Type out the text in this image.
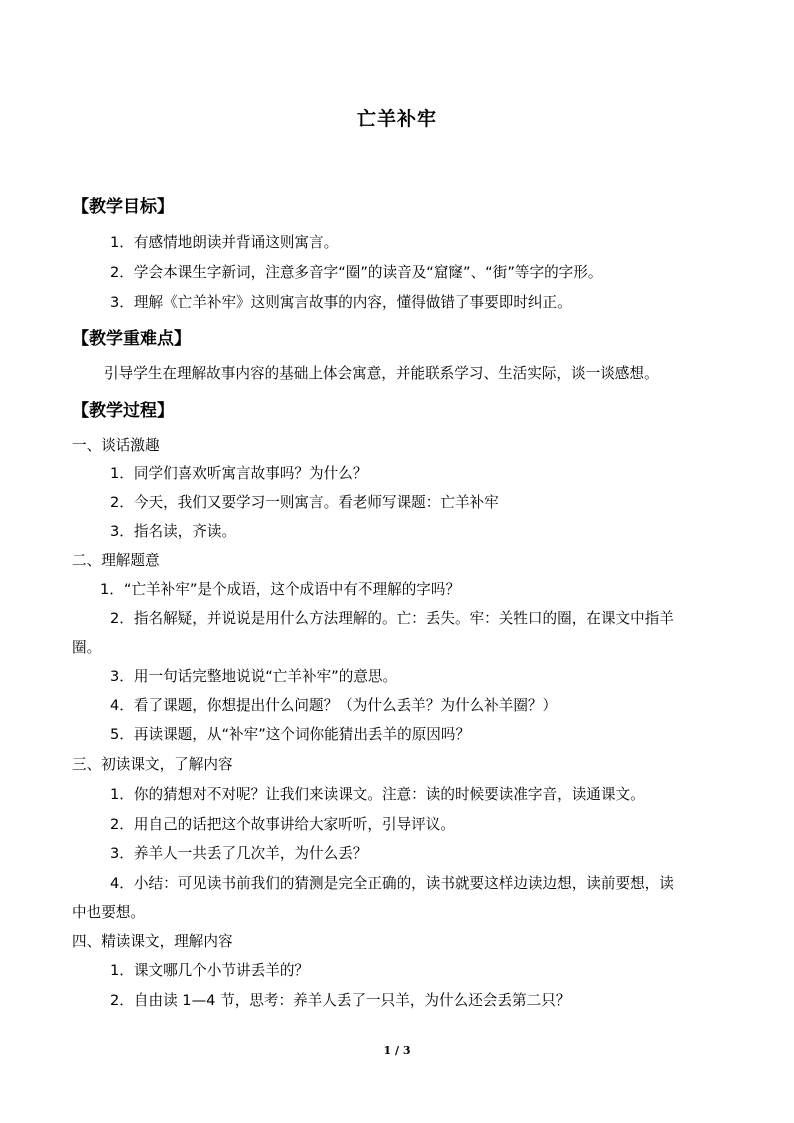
亡羊补牢
【教学目标】
1．有感情地朗读并背诵这则寓言。
2．学会本课生字新词，注意多音字“圈”的读音及“窟窿”、“街”等字的字形。
3．理解《亡羊补牢》这则寓言故事的内容，懂得做错了事要即时纠正。
【教学重难点】
引导学生在理解故事内容的基础上体会寓意，并能联系学习、生活实际，谈一谈感想。
【教学过程】
一、谈话激趣
1．同学们喜欢听寓言故事吗？为什么？
2．今天，我们又要学习一则寓言。看老师写课题：亡羊补牢
3．指名读，齐读。
二、理解题意
1．“亡羊补牢”是个成语，这个成语中有不理解的字吗？
2．指名解疑，并说说是用什么方法理解的。亡：丢失。牢：关牲口的圈，在课文中指羊
圈。
3．用一句话完整地说说“亡羊补牢”的意思。
4．看了课题，你想提出什么问题？（为什么丢羊？为什么补羊圈？）
5．再读课题，从“补牢”这个词你能猜出丢羊的原因吗？
三、初读课文，了解内容
1．你的猜想对不对呢？让我们来读课文。注意：读的时候要读准字音，读通课文。
2．用自己的话把这个故事讲给大家听听，引导评议。
3．养羊人一共丢了几次羊，为什么丢？
4．小结：可见读书前我们的猜测是完全正确的，读书就要这样边读边想，读前要想，读
中也要想。
四、精读课文，理解内容
1．课文哪几个小节讲丢羊的？
2．自由读 1—4 节，思考：养羊人丢了一只羊，为什么还会丢第二只？
1 / 3
